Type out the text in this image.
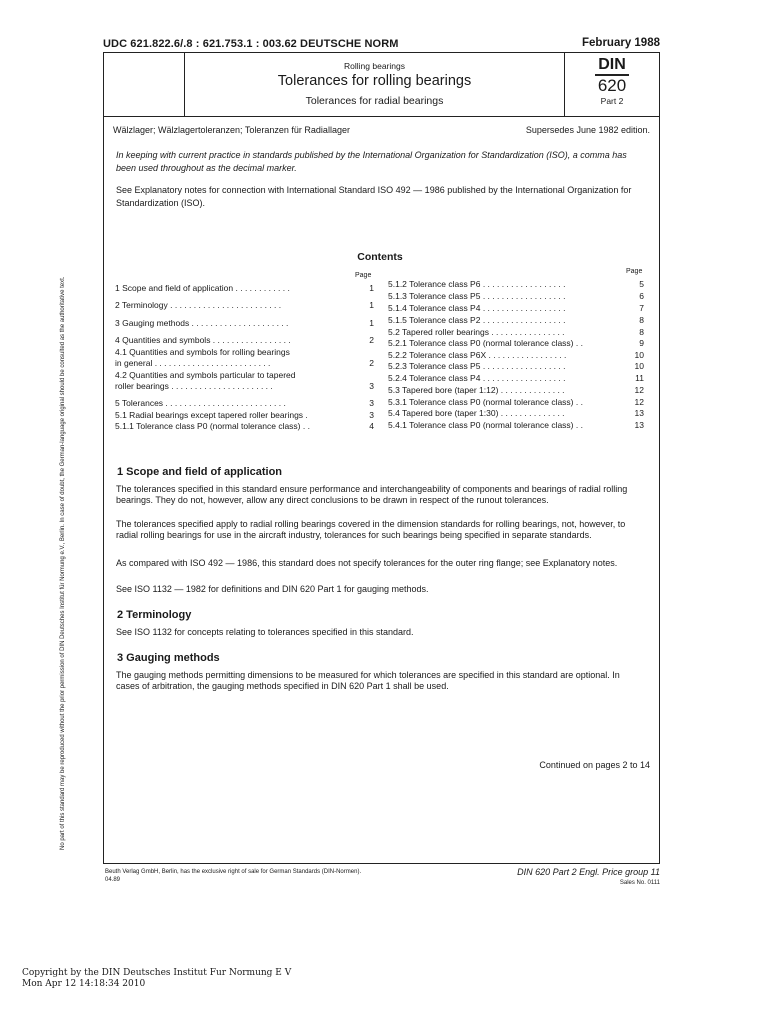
UDC 621.822.6/.8 : 621.753.1 : 003.62 DEUTSCHE NORM	February 1988
Rolling bearings
Tolerances for rolling bearings
Tolerances for radial bearings
DIN
620
Part 2
Wälzlager; Wälzlagertoleranzen; Toleranzen für Radiallager	Supersedes June 1982 edition.
In keeping with current practice in standards published by the International Organization for Standardization (ISO), a comma has been used throughout as the decimal marker.
See Explanatory notes for connection with International Standard ISO 492 — 1986 published by the International Organization for Standardization (ISO).
Contents
Page
Page
1 Scope and field of application . . . . . . . . . . . .	1
2 Terminology . . . . . . . . . . . . . . . . . . . . . . . .	1
3 Gauging methods . . . . . . . . . . . . . . . . . . . . .	1
4 Quantities and symbols . . . . . . . . . . . . . . . . .	2
4.1 Quantities and symbols for rolling bearings
in general . . . . . . . . . . . . . . . . . . . . . . . . .	2
4.2 Quantities and symbols particular to tapered
roller bearings . . . . . . . . . . . . . . . . . . . . . .	3
5 Tolerances . . . . . . . . . . . . . . . . . . . . . . . . . .	3
5.1 Radial bearings except tapered roller bearings .	3
5.1.1 Tolerance class P0 (normal tolerance class) . .	4
5.1.2 Tolerance class P6 . . . . . . . . . . . . . . . . . .	5
5.1.3 Tolerance class P5 . . . . . . . . . . . . . . . . . .	6
5.1.4 Tolerance class P4 . . . . . . . . . . . . . . . . . .	7
5.1.5 Tolerance class P2 . . . . . . . . . . . . . . . . . .	8
5.2 Tapered roller bearings . . . . . . . . . . . . . . . .	8
5.2.1 Tolerance class P0 (normal tolerance class) . .	9
5.2.2 Tolerance class P6X . . . . . . . . . . . . . . . . .	10
5.2.3 Tolerance class P5 . . . . . . . . . . . . . . . . . .	10
5.2.4 Tolerance class P4 . . . . . . . . . . . . . . . . . .	11
5.3 Tapered bore (taper 1:12) . . . . . . . . . . . . . .	12
5.3.1 Tolerance class P0 (normal tolerance class) . .	12
5.4 Tapered bore (taper 1:30) . . . . . . . . . . . . . .	13
5.4.1 Tolerance class P0 (normal tolerance class) . .	13
1 Scope and field of application
The tolerances specified in this standard ensure performance and interchangeability of components and bearings of radial rolling bearings. They do not, however, allow any direct conclusions to be drawn in respect of the runout tolerances.
The tolerances specified apply to radial rolling bearings covered in the dimension standards for rolling bearings, not, however, to radial rolling bearings for use in the aircraft industry, tolerances for such bearings being specified in separate standards.
As compared with ISO 492 — 1986, this standard does not specify tolerances for the outer ring flange; see Explanatory notes.
See ISO 1132 — 1982 for definitions and DIN 620 Part 1 for gauging methods.
2 Terminology
See ISO 1132 for concepts relating to tolerances specified in this standard.
3 Gauging methods
The gauging methods permitting dimensions to be measured for which tolerances are specified in this standard are optional. In cases of arbitration, the gauging methods specified in DIN 620 Part 1 shall be used.
Continued on pages 2 to 14
Beuth Verlag GmbH, Berlin, has the exclusive right of sale for German Standards (DIN-Normen).
04.89
DIN 620 Part 2 Engl. Price group 11
Sales No. 0111
No part of this standard may be reproduced without the prior permission of DIN Deutsches Institut für Normung e.V., Berlin. In case of doubt, the German-language original should be consulted as the authoritative text.
Copyright by the DIN Deutsches Institut Fur Normung E V
Mon Apr 12 14:18:34 2010
